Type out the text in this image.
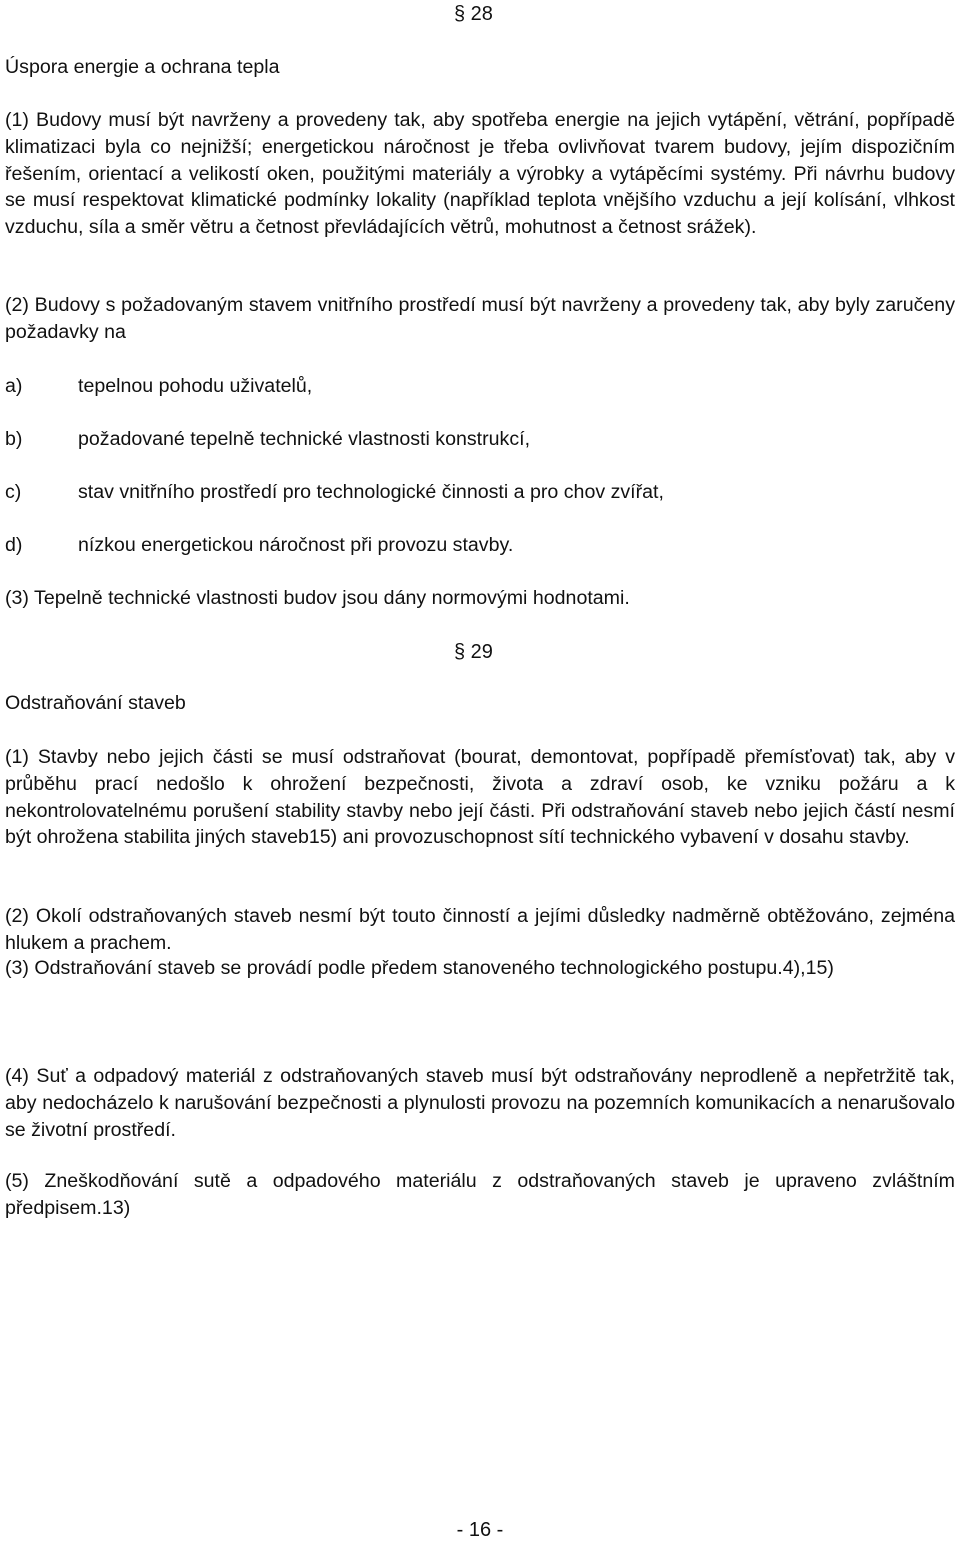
§ 28
Úspora energie a ochrana tepla

(1) Budovy musí být navrženy a provedeny tak, aby spotřeba energie na jejich vytápění, větrání, popřípadě klimatizaci byla co nejnižší; energetickou náročnost je třeba ovlivňovat tvarem budovy, jejím dispozičním řešením, orientací a velikostí oken, použitými materiály a výrobky a vytápěcími systémy. Při návrhu budovy se musí respektovat klimatické podmínky lokality (například teplota vnějšího vzduchu a její kolísání, vlhkost vzduchu, síla a směr větru a četnost převládajících větrů, mohutnost a četnost srážek).

(2) Budovy s požadovaným stavem vnitřního prostředí musí být navrženy a provedeny tak, aby byly zaručeny požadavky na

a)	tepelnou pohodu uživatelů,
b)	požadované tepelně technické vlastnosti konstrukcí,
c)	stav vnitřního prostředí pro technologické činnosti a pro chov zvířat,
d)	nízkou energetickou náročnost při provozu stavby.

(3) Tepelně technické vlastnosti budov jsou dány normovými hodnotami.

§ 29
Odstraňování staveb

(1) Stavby nebo jejich části se musí odstraňovat (bourat, demontovat, popřípadě přemísťovat) tak, aby v průběhu prací nedošlo k ohrožení bezpečnosti, života a zdraví osob, ke vzniku požáru a k nekontrolovatelnému porušení stability stavby nebo její části. Při odstraňování staveb nebo jejich částí nesmí být ohrožena stabilita jiných staveb15) ani provozuschopnost sítí technického vybavení v dosahu stavby.

(2) Okolí odstraňovaných staveb nesmí být touto činností a jejími důsledky nadměrně obtěžováno, zejména hlukem a prachem.

(3) Odstraňování staveb se provádí podle předem stanoveného technologického postupu.4),15)

(4) Suť a odpadový materiál z odstraňovaných staveb musí být odstraňovány neprodleně a nepřetržitě tak, aby nedocházelo k narušování bezpečnosti a plynulosti provozu na pozemních komunikacích a nenarušovalo se životní prostředí.

(5) Zneškodňování sutě a odpadového materiálu z odstraňovaných staveb je upraveno zvláštním předpisem.13)

- 16 -
